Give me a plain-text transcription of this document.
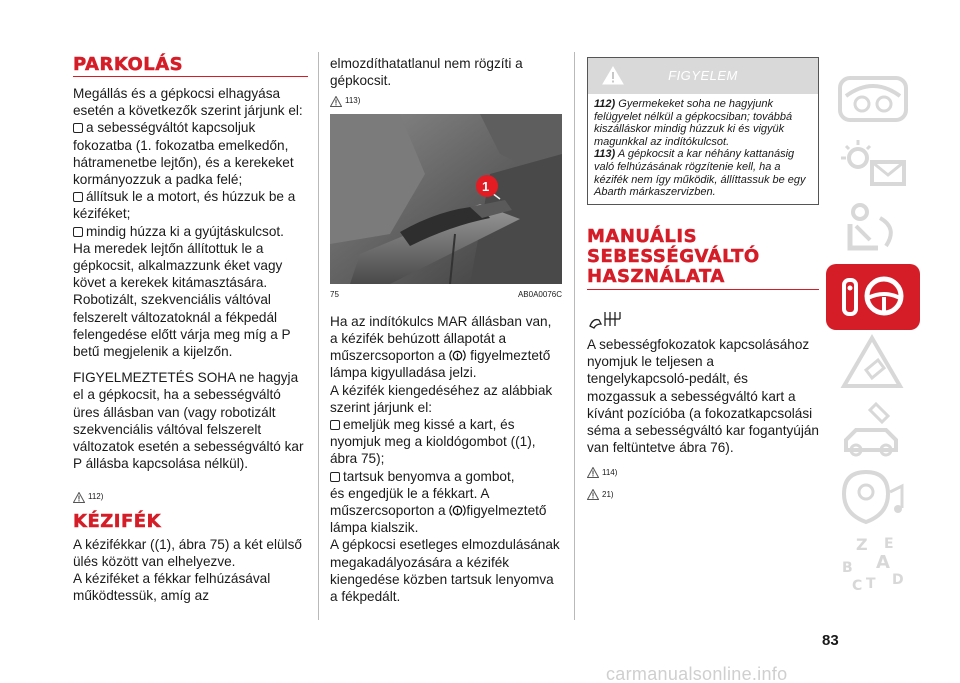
PARKOLÁS

Megállás és a gépkocsi elhagyása esetén a következők szerint járjunk el:

a sebességváltót kapcsoljuk fokozatba (1. fokozatba emelkedőn, hátramenetbe lejtőn), és a kerekeket kormányozzuk a padka felé;

állítsuk le a motort, és húzzuk be a kéziféket;

mindig húzza ki a gyújtáskulcsot.

Ha meredek lejtőn állítottuk le a gépkocsit, alkalmazzunk éket vagy követ a kerekek kitámasztására.

Robotizált, szekvenciális váltóval felszerelt változatoknál a fékpedál felengedése előtt várja meg míg a P betű megjelenik a kijelzőn.

FIGYELMEZTETÉS SOHA ne hagyja el a gépkocsit, ha a sebességváltó üres állásban van (vagy robotizált szekvenciális váltóval felszerelt változatok esetén a sebességváltó kar P állásba kapcsolása nélkül).

112)
KÉZIFÉK

A kézifékkar ((1), ábra 75) a két elülső ülés között van elhelyezve.

A kéziféket a fékkar felhúzásával működtessük, amíg az

elmozdíthatatlanul nem rögzíti a gépkocsit.

113)
1
75	AB0A0076C

Ha az indítókulcs MAR állásban van, a kézifék behúzott állapotát a műszercsoporton a ! figyelmeztető lámpa kigyulladása jelzi.

A kézifék kiengedéséhez az alábbiak szerint járjunk el:

emeljük meg kissé a kart, és nyomjuk meg a kioldógombot ((1), ábra 75);

tartsuk benyomva a gombot,

és engedjük le a fékkart. A műszercsoporton a ! figyelmeztető lámpa kialszik.

A gépkocsi esetleges elmozdulásának megakadályozására a kézifék kiengedése közben tartsuk lenyomva a fékpedált.

FIGYELEM

112) Gyermekeket soha ne hagyjunk felügyelet nélkül a gépkocsiban; továbbá kiszálláskor mindig húzzuk ki és vigyük magunkkal az indítókulcsot.

113) A gépkocsit a kar néhány kattanásig való felhúzásának rögzítenie kell, ha a kézifék nem így működik, állíttassuk be egy Abarth márkaszervizben.

MANUÁLIS
SEBESSÉGVÁLTÓ
HASZNÁLATA

A sebességfokozatok kapcsolásához nyomjuk le teljesen a tengelykapcsoló-pedált, és mozgassuk a sebességváltó kart a kívánt pozícióba (a fokozatkapcsolási séma a sebességváltó kar fogantyúján van feltüntetve ábra 76).

114)
21)
Z E
B A
C T D
83
carmanualsonline.info
